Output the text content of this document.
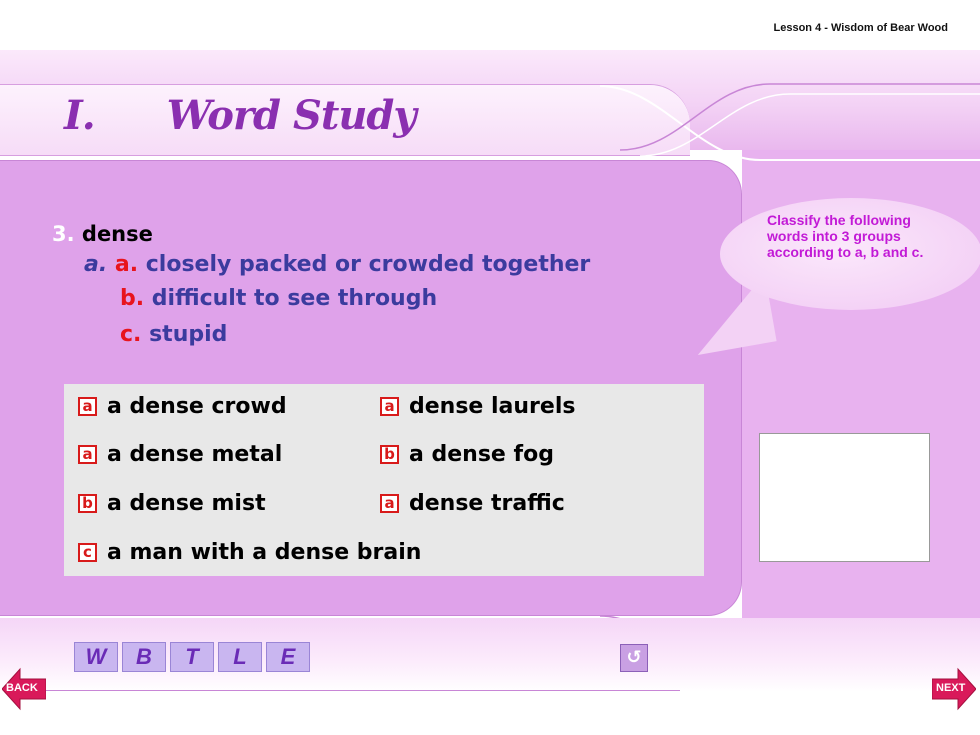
Lesson 4 - Wisdom of Bear Wood
I. Word Study
3. dense
a. a. closely packed or crowded together
b. difficult to see through
c. stupid
Classify the following words into 3 groups according to a, b and c.
a a dense crowd	a dense laurels
a a dense metal	b a dense fog
b a dense mist	a dense traffic
c a man with a dense brain
W	B	T	L	E	↺
BACK	NEXT
